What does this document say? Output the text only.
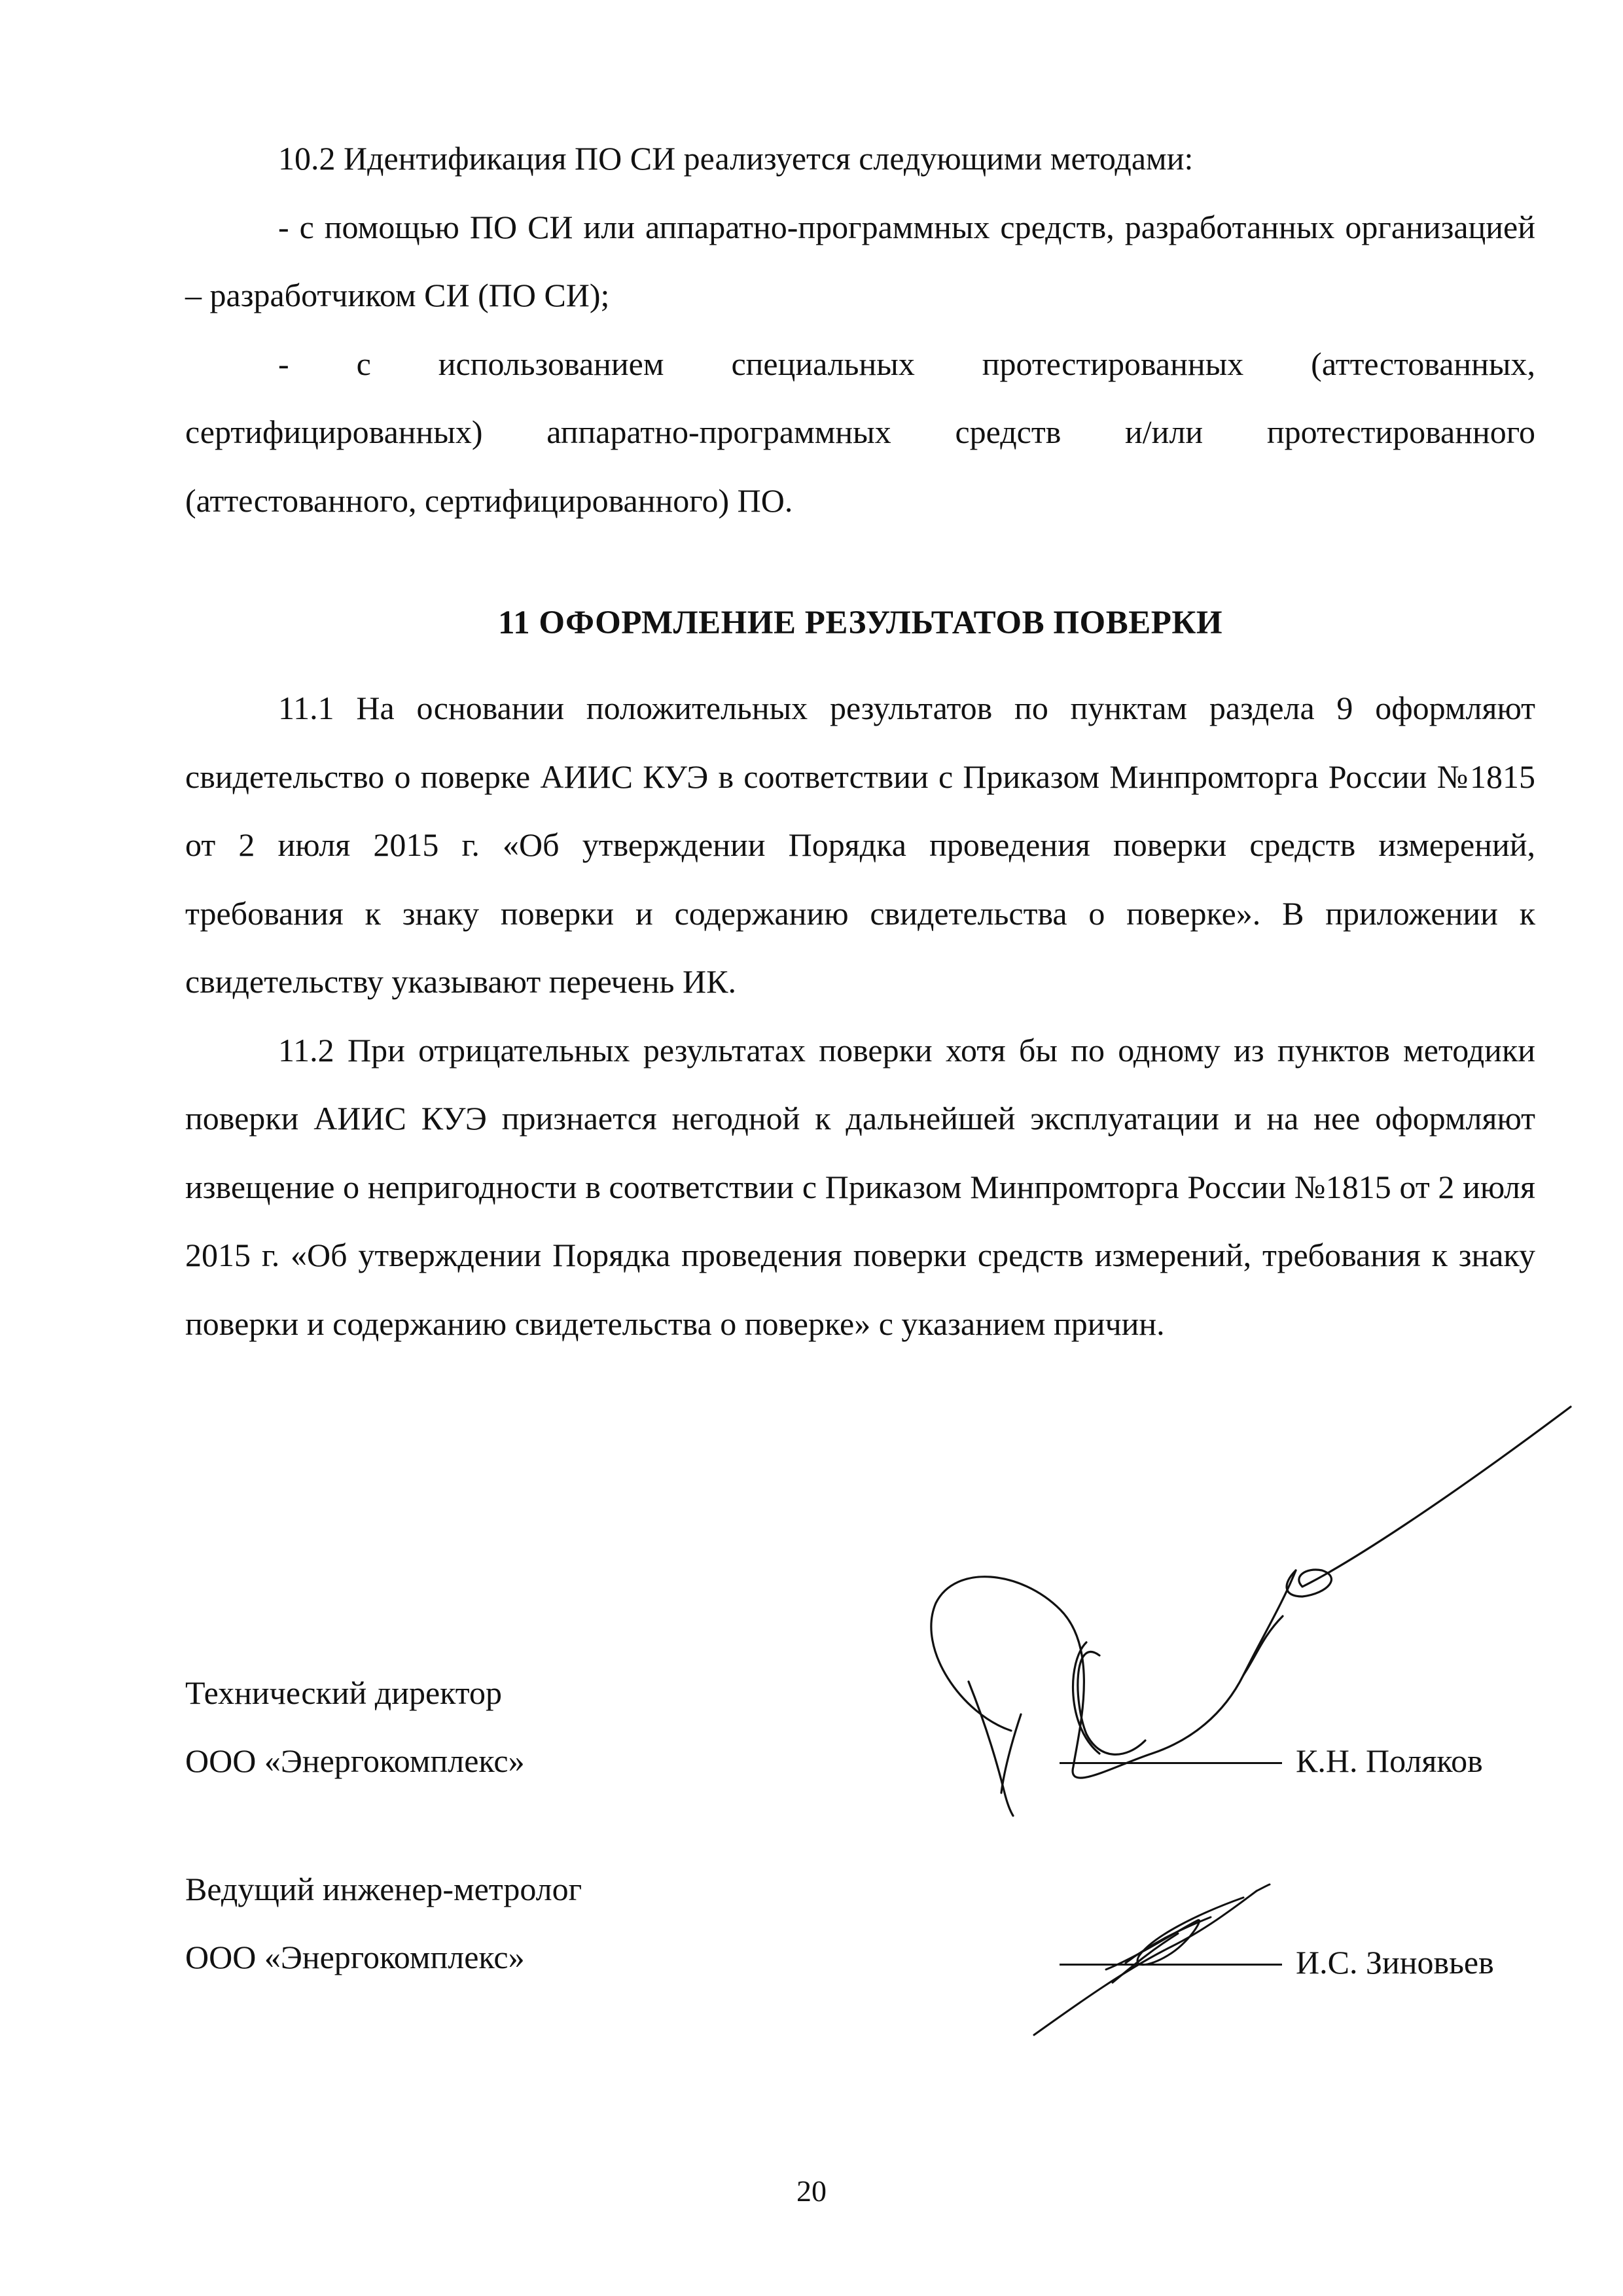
10.2 Идентификация ПО СИ реализуется следующими методами:

- с помощью ПО СИ или аппаратно-программных средств, разработанных организацией – разработчиком СИ (ПО СИ);

- с использованием специальных протестированных (аттестованных, сертифицированных) аппаратно-программных средств и/или протестированного (аттестованного, сертифицированного) ПО.

11 ОФОРМЛЕНИЕ РЕЗУЛЬТАТОВ ПОВЕРКИ

11.1 На основании положительных результатов по пунктам раздела 9 оформляют свидетельство о поверке АИИС КУЭ в соответствии с Приказом Минпромторга России №1815 от 2 июля 2015 г. «Об утверждении Порядка проведения поверки средств измерений, требования к знаку поверки и содержанию свидетельства о поверке». В приложении к свидетельству указывают перечень ИК.

11.2 При отрицательных результатах поверки хотя бы по одному из пунктов методики поверки АИИС КУЭ признается негодной к дальнейшей эксплуатации и на нее оформляют извещение о непригодности в соответствии с Приказом Минпромторга России №1815 от 2 июля 2015 г. «Об утверждении Порядка проведения поверки средств измерений, требования к знаку поверки и содержанию свидетельства о поверке» с указанием причин.

Технический директор
ООО «Энергокомплекс»	К.Н. Поляков
Ведущий инженер-метролог
ООО «Энергокомплекс»	И.С. Зиновьев
20
